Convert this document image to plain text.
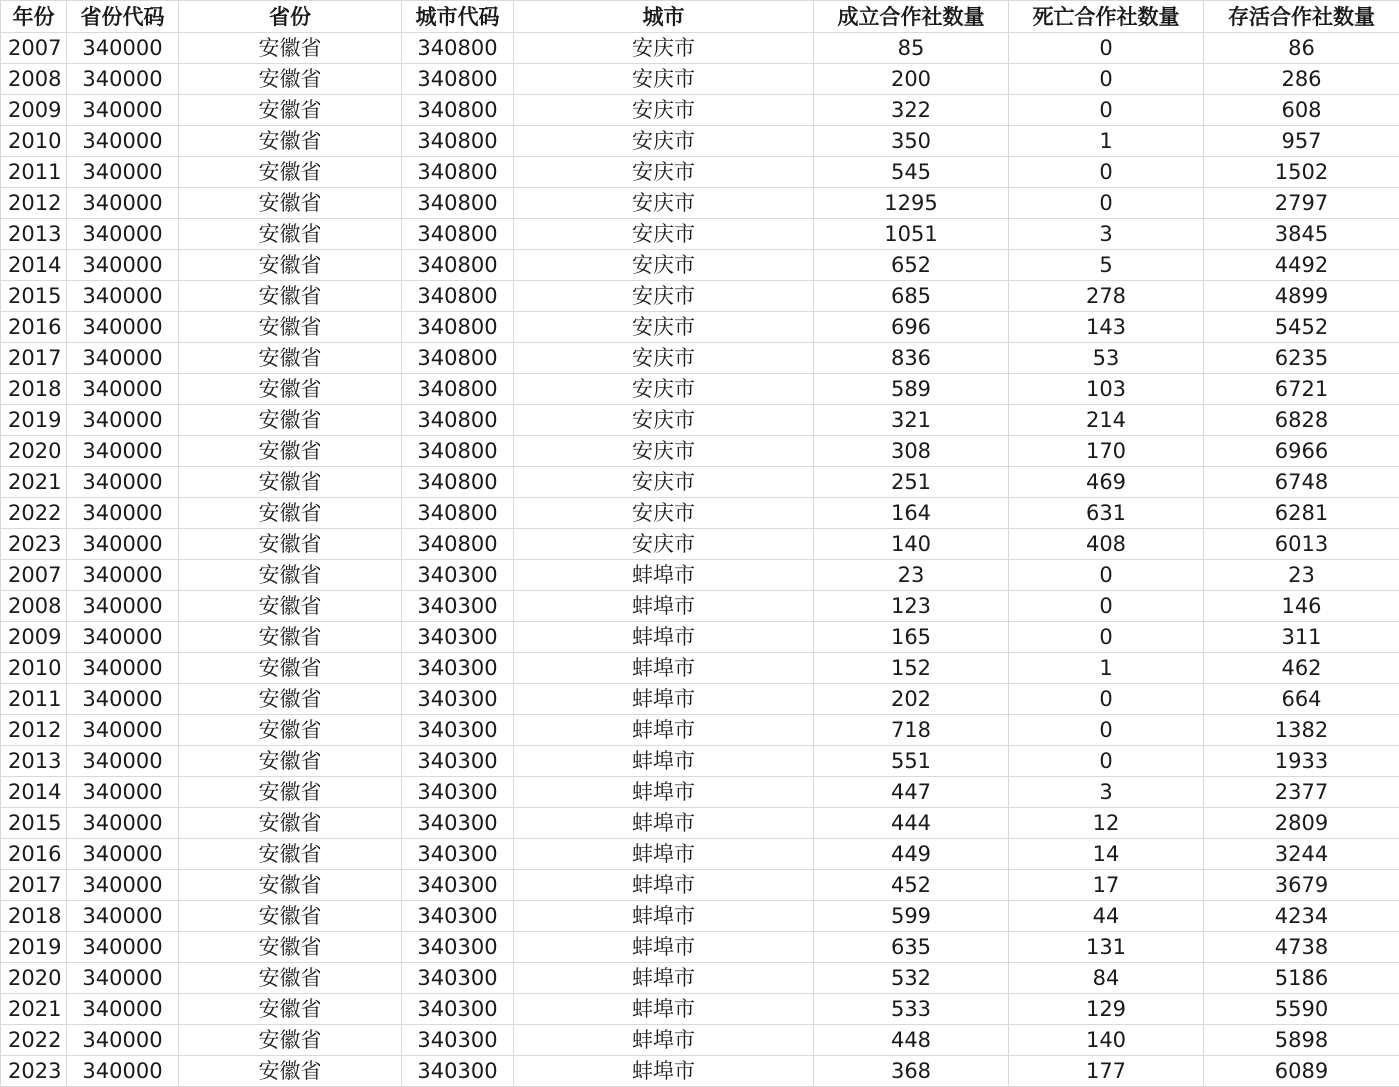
年份	省份代码	省份	城市代码	城市	成立合作社数量	死亡合作社数量	存活合作社数量
2007	340000	安徽省	340800	安庆市	85	0	86
2008	340000	安徽省	340800	安庆市	200	0	286
2009	340000	安徽省	340800	安庆市	322	0	608
2010	340000	安徽省	340800	安庆市	350	1	957
2011	340000	安徽省	340800	安庆市	545	0	1502
2012	340000	安徽省	340800	安庆市	1295	0	2797
2013	340000	安徽省	340800	安庆市	1051	3	3845
2014	340000	安徽省	340800	安庆市	652	5	4492
2015	340000	安徽省	340800	安庆市	685	278	4899
2016	340000	安徽省	340800	安庆市	696	143	5452
2017	340000	安徽省	340800	安庆市	836	53	6235
2018	340000	安徽省	340800	安庆市	589	103	6721
2019	340000	安徽省	340800	安庆市	321	214	6828
2020	340000	安徽省	340800	安庆市	308	170	6966
2021	340000	安徽省	340800	安庆市	251	469	6748
2022	340000	安徽省	340800	安庆市	164	631	6281
2023	340000	安徽省	340800	安庆市	140	408	6013
2007	340000	安徽省	340300	蚌埠市	23	0	23
2008	340000	安徽省	340300	蚌埠市	123	0	146
2009	340000	安徽省	340300	蚌埠市	165	0	311
2010	340000	安徽省	340300	蚌埠市	152	1	462
2011	340000	安徽省	340300	蚌埠市	202	0	664
2012	340000	安徽省	340300	蚌埠市	718	0	1382
2013	340000	安徽省	340300	蚌埠市	551	0	1933
2014	340000	安徽省	340300	蚌埠市	447	3	2377
2015	340000	安徽省	340300	蚌埠市	444	12	2809
2016	340000	安徽省	340300	蚌埠市	449	14	3244
2017	340000	安徽省	340300	蚌埠市	452	17	3679
2018	340000	安徽省	340300	蚌埠市	599	44	4234
2019	340000	安徽省	340300	蚌埠市	635	131	4738
2020	340000	安徽省	340300	蚌埠市	532	84	5186
2021	340000	安徽省	340300	蚌埠市	533	129	5590
2022	340000	安徽省	340300	蚌埠市	448	140	5898
2023	340000	安徽省	340300	蚌埠市	368	177	6089
